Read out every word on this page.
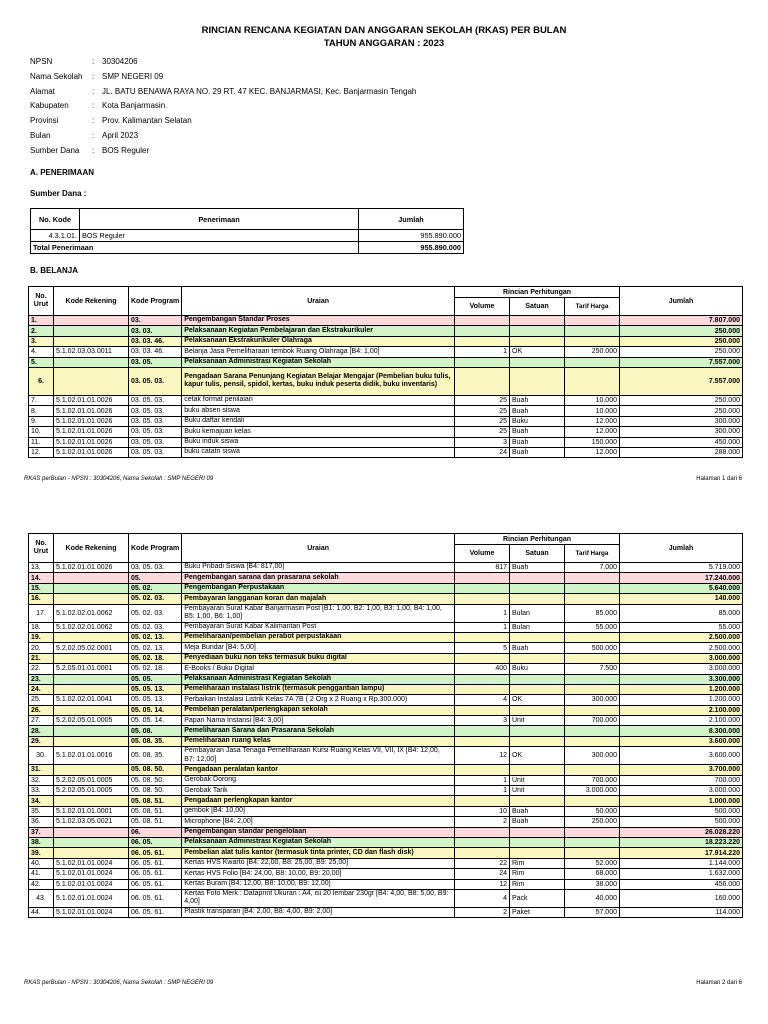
RINCIAN RENCANA KEGIATAN DAN ANGGARAN SEKOLAH (RKAS) PER BULAN
TAHUN ANGGARAN : 2023
NPSN	: 30304206
Nama Sekolah	: SMP NEGERI 09
Alamat	: JL. BATU BENAWA RAYA NO. 29 RT. 47 KEC. BANJARMASI, Kec. Banjarmasin Tengah
Kabupaten	: Kota Banjarmasin
Provinsi	: Prov. Kalimantan Selatan
Bulan	: April 2023
Sumber Dana	: BOS Reguler
A. PENERIMAAN
Sumber Dana :
No. Kode	Penerimaan	Jumlah
4.3.1.01.	BOS Reguler	955.890.000
Total Penerimaan		955.890.000
B. BELANJA
No. Urut	Kode Rekening	Kode Program	Uraian	Rincian Perhitungan			Jumlah
				Volume	Satuan	Tarif Harga	
1.		03.	Pengembangan Standar Proses				7.807.000
2.		03. 03.	Pelaksanaan Kegiatan Pembelajaran dan Ekstrakurikuler				250.000
3.		03. 03. 46.	Pelaksanaan Ekstrakurikuler Olahraga				250.000
4.	5.1.02.03.03.0011	03. 03. 46.	Belanja Jasa Pemeliharaan tembok Ruang Olahraga [B4: 1,00]	1	OK	250.000	250.000
5.		03. 05.	Pelaksanaan Administrasi Kegiatan Sekolah				7.557.000
6.		03. 05. 03.	Pengadaan Sarana Penunjang Kegiatan Belajar Mengajar (Pembelian buku tulis, kapur tulis, pensil, spidol, kertas, buku induk peserta didik, buku inventaris)				7.557.000
7.	5.1.02.01.01.0026	03. 05. 03.	cetak format penilaian	25	Buah	10.000	250.000
8.	5.1.02.01.01.0026	03. 05. 03.	buku absen siswa	25	Buah	10.000	250.000
9.	5.1.02.01.01.0026	03. 05. 03.	Buku daftar kendali	25	Buku	12.000	300.000
10.	5.1.02.01.01.0026	03. 05. 03.	Buku kemajuan kelas	25	Buah	12.000	300.000
11.	5.1.02.01.01.0026	03. 05. 03.	Buku induk siswa	3	Buah	150.000	450.000
12.	5.1.02.01.01.0026	03. 05. 03.	buku catatn siswa	24	Buah	12.000	288.000
RKAS perBulan - NPSN : 30304206, Nama Sekolah : SMP NEGERI 09	Halaman 1 dari 6
No. Urut	Kode Rekening	Kode Program	Uraian	Rincian Perhitungan			Jumlah
				Volume	Satuan	Tarif Harga	
13.	5.1.02.01.01.0026	03. 05. 03.	Buku Pribadi Siswa [B4: 817,00]	817	Buah	7.000	5.719.000
14.		05.	Pengembangan sarana dan prasarana sekolah				17.240.000
15.		05. 02.	Pengembangan Perpustakaan				5.640.000
16.		05. 02. 03.	Pembayaran langganan koran dan majalah				140.000
17.	5.1.02.02.01.0062	05. 02. 03.	Pembayaran Surat Kabar Banjarmasin Post [B1: 1,00, B2: 1,00, B3: 1,00, B4: 1,00, B5: 1,00, B6: 1,00]	1	Bulan	85.000	85.000
18.	5.1.02.02.01.0062	05. 02. 03.	Pembayaran Surat Kabar Kalimantan Post	1	Bulan	55.000	55.000
19.		05. 02. 13.	Pemeliharaan/pembelian perabot perpustakaan				2.500.000
20.	5.2.02.05.02.0001	05. 02. 13.	Meja Bundar [B4: 5,00]	5	Buah	500.000	2.500.000
21.		05. 02. 18.	Penyediaan buku non teks termasuk buku digital				3.000.000
22.	5.2.05.01.01.0001	05. 02. 18.	E-Books / Buku Digital	400	Buku	7.500	3.000.000
23.		05. 05.	Pelaksanaan Administrasi Kegiatan Sekolah				3.300.000
24.		05. 05. 13.	Pemeliharaan instalasi listrik (termasuk penggantian lampu)				1.200.000
25.	5.1.02.02.01.0041	05. 05. 13.	Perbaikan Instalasi Listrik Kelas 7A 7B ( 2 Org x 2 Ruang x Rp.300.000)	4	OK	300.000	1.200.000
26.		05. 05. 14.	Pembelian peralatan/perlengkapan sekolah				2.100.000
27.	5.2.02.05.01.0005	05. 05. 14.	Papan Nama Instansi [B4: 3,00]	3	Unit	700.000	2.100.000
28.		05. 08.	Pemeliharaan Sarana dan Prasarana Sekolah				8.300.000
29.		05. 08. 35.	Pemeliharaan ruang kelas				3.600.000
30.	5.1.02.01.01.0016	05. 08. 35.	Pembayaran Jasa Tenaga Pemeliharaan Kursi Ruang Kelas VII, VII, IX [B4: 12,00, B7: 12,00]	12	OK	300.000	3.600.000
31.		05. 08. 50.	Pengadaan peralatan kantor				3.700.000
32.	5.2.02.05.01.0005	05. 08. 50.	Gerobak Dorong	1	Unit	700.000	700.000
33.	5.2.02.05.01.0005	05. 08. 50.	Gerobak Tarik	1	Unit	3.000.000	3.000.000
34.		05. 08. 51.	Pengadaan perlengkapan kantor				1.000.000
35.	5.1.02.01.01.0001	05. 08. 51.	gembok [B4: 10,00]	10	Buah	50.000	500.000
36.	5.1.02.03.05.0021	05. 08. 51.	Microphone [B4: 2,00]	2	Buah	250.000	500.000
37.		06.	Pengembangan standar pengelolaan				26.028.220
38.		06. 05.	Pelaksanaan Administrasi Kegiatan Sekolah				18.223.220
39.		06. 05. 61.	Pembelian alat tulis kantor (termasuk tinta printer, CD dan flash disk)				17.914.220
40.	5.1.02.01.01.0024	06. 05. 61.	Kertas HVS Kwarto [B4: 22,00, B8: 25,00, B9: 25,00]	22	Rim	52.000	1.144.000
41.	5.1.02.01.01.0024	06. 05. 61.	Kertas HVS Folio [B4: 24,00, B8: 10,00, B9: 20,00]	24	Rim	68.000	1.632.000
42.	5.1.02.01.01.0024	06. 05. 61.	Kertas Buram [B4: 12,00, B8: 10,00, B9: 12,00]	12	Rim	38.000	456.000
43.	5.1.02.01.01.0024	06. 05. 61.	Kertas Foto Merk : Dataprint Ukuran : A4, isi 20 lembar 230gr [B4: 4,00, B8: 5,00, B9: 4,00]	4	Pack	40.000	160.000
44.	5.1.02.01.01.0024	06. 05. 61.	Plastik transparan [B4: 2,00, B8: 4,00, B9: 2,00]	2	Paket	57.000	114.000
RKAS perBulan - NPSN : 30304206, Nama Sekolah : SMP NEGERI 09	Halaman 2 dari 6
